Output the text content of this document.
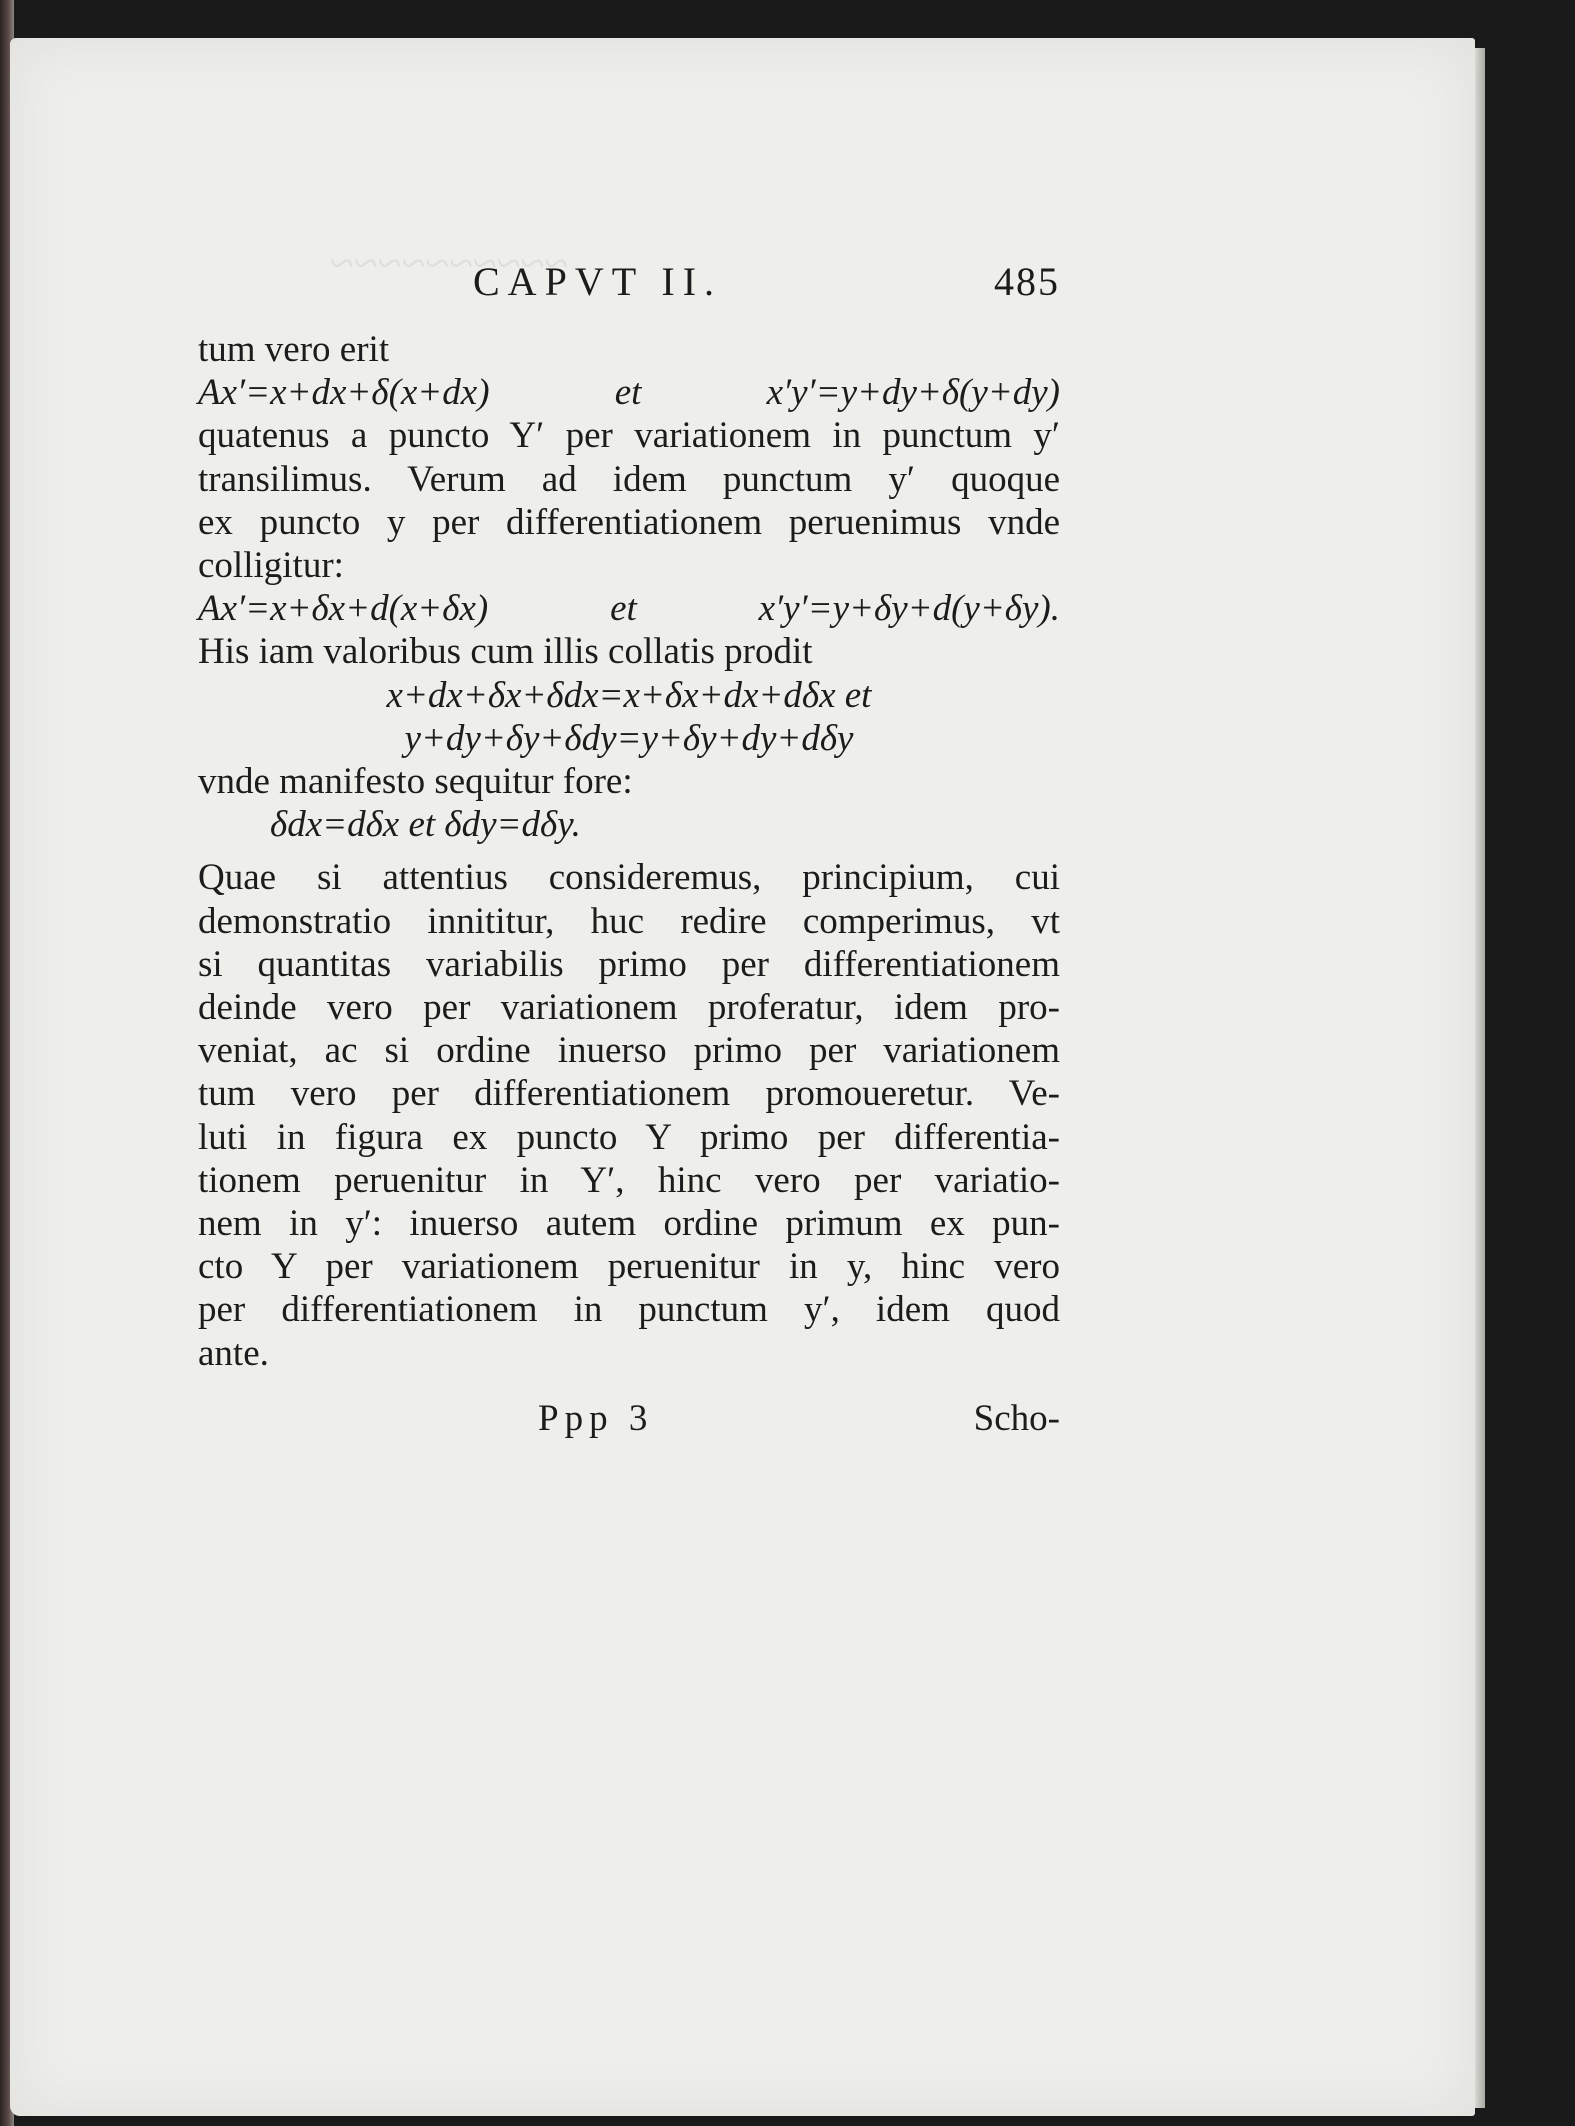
~~~~~~~~~~
CAPVT II.	485
tum vero erit
Ax′=x+dx+δ(x+dx) et x′y′=y+dy+δ(y+dy)
quatenus a puncto Y′ per variationem in punctum y′
transilimus. Verum ad idem punctum y′ quoque
ex puncto y per differentiationem peruenimus vnde
colligitur:
Ax′=x+δx+d(x+δx) et x′y′=y+δy+d(y+δy).
His iam valoribus cum illis collatis prodit
x+dx+δx+δdx=x+δx+dx+dδx et
y+dy+δy+δdy=y+δy+dy+dδy
vnde manifesto sequitur fore:
δdx=dδx et δdy=dδy.
Quae si attentius consideremus, principium, cui
demonstratio innititur, huc redire comperimus, vt
si quantitas variabilis primo per differentiationem
deinde vero per variationem proferatur, idem pro-
veniat, ac si ordine inuerso primo per variationem
tum vero per differentiationem promoueretur. Ve-
luti in figura ex puncto Y primo per differentia-
tionem peruenitur in Y′, hinc vero per variatio-
nem in y′: inuerso autem ordine primum ex pun-
cto Y per variationem peruenitur in y, hinc vero
per differentiationem in punctum y′, idem quod
ante.
Ppp 3	Scho-
